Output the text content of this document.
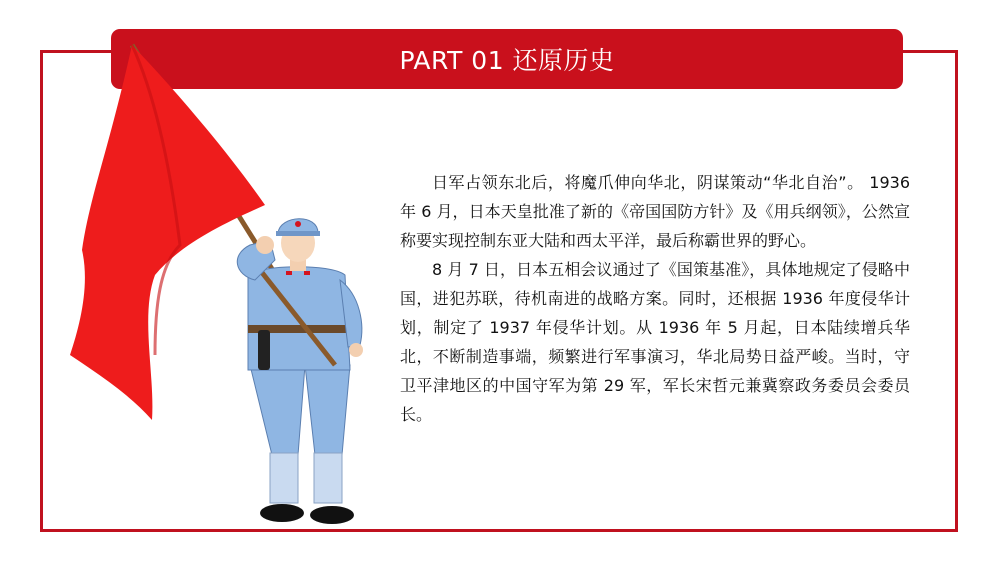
PART 01 还原历史

日军占领东北后，将魔爪伸向华北，阴谋策动“华北自治”。 1936 年 6 月，日本天皇批准了新的《帝国国防方针》及《用兵纲领》，公然宣称要实现控制东亚大陆和西太平洋，最后称霸世界的野心。

8 月 7 日，日本五相会议通过了《国策基准》，具体地规定了侵略中国，进犯苏联，待机南进的战略方案。同时，还根据 1936 年度侵华计划，制定了 1937 年侵华计划。从 1936 年 5 月起，日本陆续增兵华北，不断制造事端，频繁进行军事演习，华北局势日益严峻。当时，守卫平津地区的中国守军为第 29 军，军长宋哲元兼冀察政务委员会委员长。
